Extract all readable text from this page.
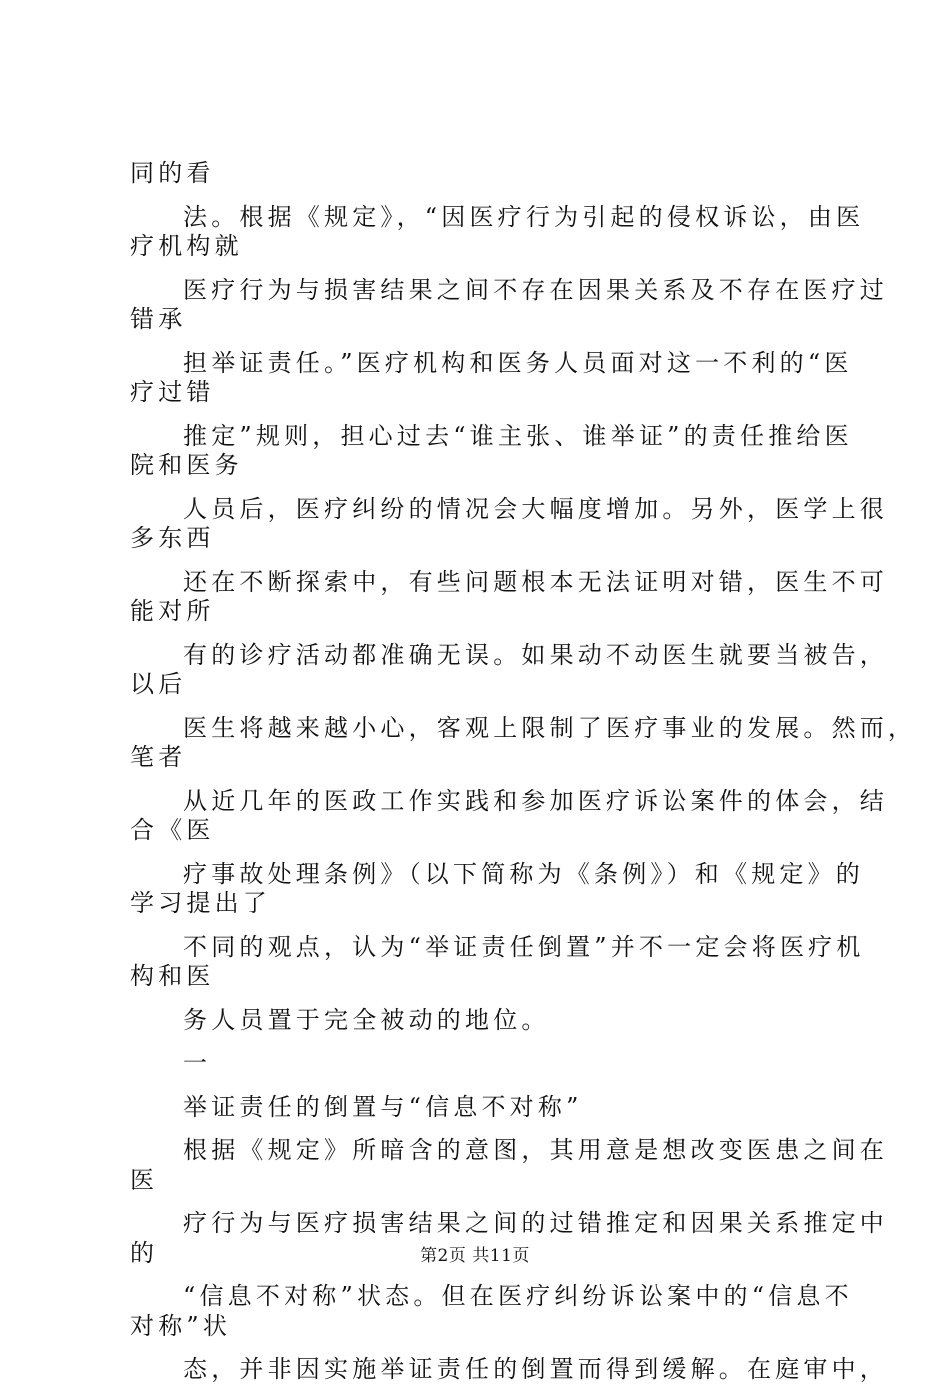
同的看
法。根据《规定》，“因医疗行为引起的侵权诉讼，由医
疗机构就
医疗行为与损害结果之间不存在因果关系及不存在医疗过
错承
担举证责任。”医疗机构和医务人员面对这一不利的“医
疗过错
推定”规则，担心过去“谁主张、谁举证”的责任推给医
院和医务
人员后，医疗纠纷的情况会大幅度增加。另外，医学上很
多东西
还在不断探索中，有些问题根本无法证明对错，医生不可
能对所
有的诊疗活动都准确无误。如果动不动医生就要当被告，
以后
医生将越来越小心，客观上限制了医疗事业的发展。然而，
笔者
从近几年的医政工作实践和参加医疗诉讼案件的体会，结
合《医
疗事故处理条例》（以下简称为《条例》）和《规定》的
学习提出了
不同的观点，认为“举证责任倒置”并不一定会将医疗机
构和医
务人员置于完全被动的地位。
一
举证责任的倒置与“信息不对称”
根据《规定》所暗含的意图，其用意是想改变医患之间在
医
疗行为与医疗损害结果之间的过错推定和因果关系推定中
的
“信息不对称”状态。但在医疗纠纷诉讼案中的“信息不
对称”状
态，并非因实施举证责任的倒置而得到缓解。在庭审中，
第2页 共11页
